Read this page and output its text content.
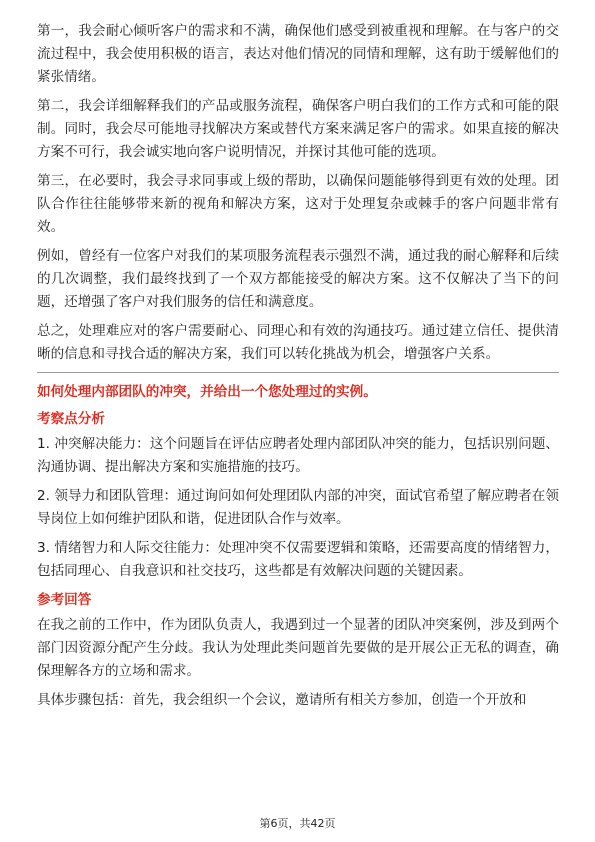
第一，我会耐心倾听客户的需求和不满，确保他们感受到被重视和理解。在与客户的交流过程中，我会使用积极的语言，表达对他们情况的同情和理解，这有助于缓解他们的紧张情绪。

第二，我会详细解释我们的产品或服务流程，确保客户明白我们的工作方式和可能的限制。同时，我会尽可能地寻找解决方案或替代方案来满足客户的需求。如果直接的解决方案不可行，我会诚实地向客户说明情况，并探讨其他可能的选项。

第三，在必要时，我会寻求同事或上级的帮助，以确保问题能够得到更有效的处理。团队合作往往能够带来新的视角和解决方案，这对于处理复杂或棘手的客户问题非常有效。

例如，曾经有一位客户对我们的某项服务流程表示强烈不满，通过我的耐心解释和后续的几次调整，我们最终找到了一个双方都能接受的解决方案。这不仅解决了当下的问题，还增强了客户对我们服务的信任和满意度。

总之，处理难应对的客户需要耐心、同理心和有效的沟通技巧。通过建立信任、提供清晰的信息和寻找合适的解决方案，我们可以转化挑战为机会，增强客户关系。

如何处理内部团队的冲突，并给出一个您处理过的实例。

考察点分析

1. 冲突解决能力：这个问题旨在评估应聘者处理内部团队冲突的能力，包括识别问题、沟通协调、提出解决方案和实施措施的技巧。

2. 领导力和团队管理：通过询问如何处理团队内部的冲突，面试官希望了解应聘者在领导岗位上如何维护团队和谐，促进团队合作与效率。

3. 情绪智力和人际交往能力：处理冲突不仅需要逻辑和策略，还需要高度的情绪智力，包括同理心、自我意识和社交技巧，这些都是有效解决问题的关键因素。

参考回答

在我之前的工作中，作为团队负责人，我遇到过一个显著的团队冲突案例，涉及到两个部门因资源分配产生分歧。我认为处理此类问题首先要做的是开展公正无私的调查，确保理解各方的立场和需求。

具体步骤包括：首先，我会组织一个会议，邀请所有相关方参加，创造一个开放和

第6页，共42页
